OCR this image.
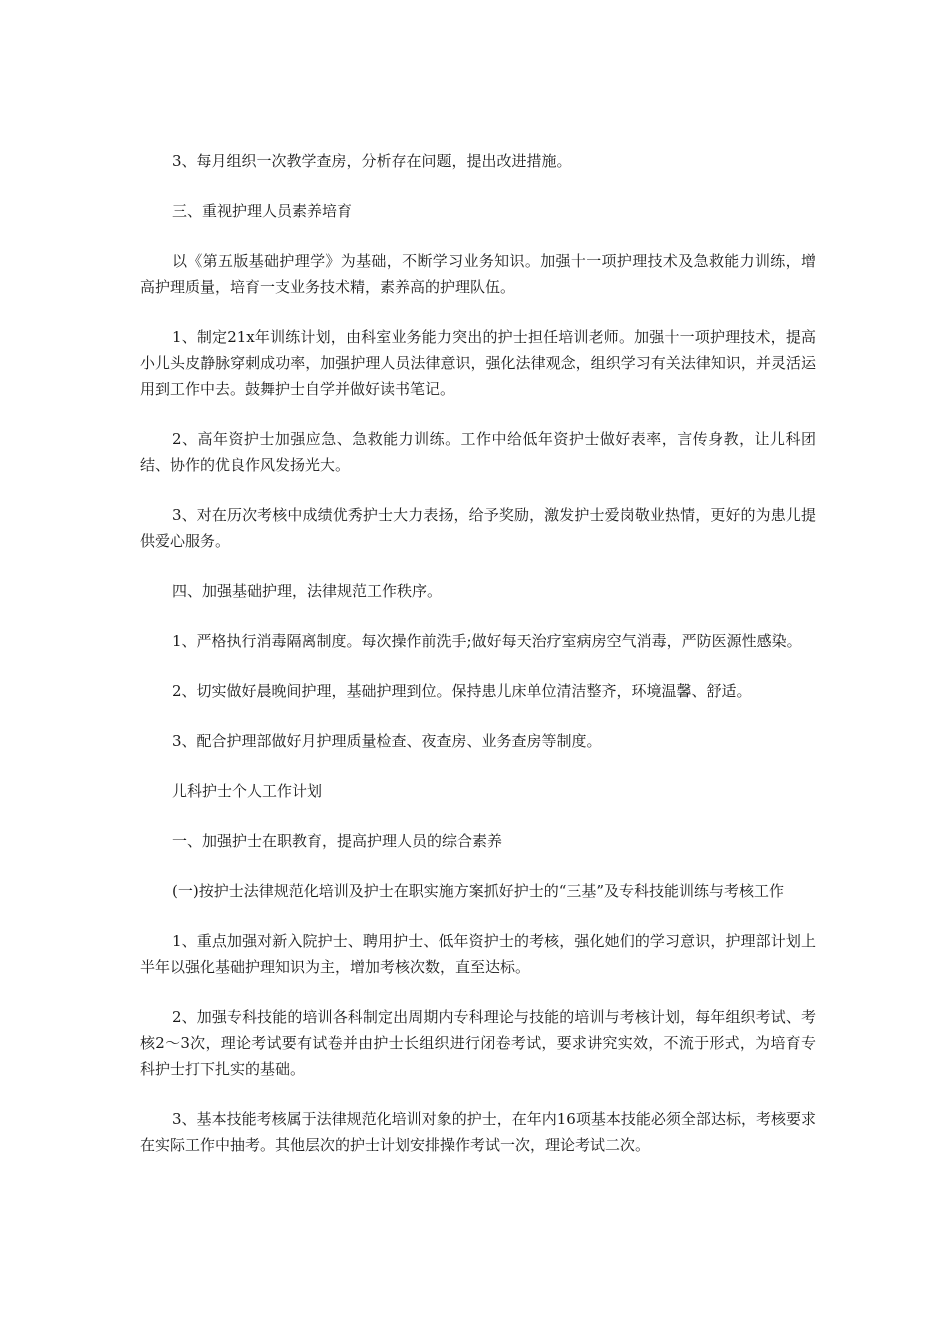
3、每月组织一次教学查房，分析存在问题，提出改进措施。

三、重视护理人员素养培育

以《第五版基础护理学》为基础，不断学习业务知识。加强十一项护理技术及急救能力训练，增高护理质量，培育一支业务技术精，素养高的护理队伍。

1、制定21x年训练计划，由科室业务能力突出的护士担任培训老师。加强十一项护理技术，提高小儿头皮静脉穿刺成功率，加强护理人员法律意识，强化法律观念，组织学习有关法律知识，并灵活运用到工作中去。鼓舞护士自学并做好读书笔记。

2、高年资护士加强应急、急救能力训练。工作中给低年资护士做好表率，言传身教，让儿科团结、协作的优良作风发扬光大。

3、对在历次考核中成绩优秀护士大力表扬，给予奖励，激发护士爱岗敬业热情，更好的为患儿提供爱心服务。

四、加强基础护理，法律规范工作秩序。

1、严格执行消毒隔离制度。每次操作前洗手;做好每天治疗室病房空气消毒，严防医源性感染。

2、切实做好晨晚间护理，基础护理到位。保持患儿床单位清洁整齐，环境温馨、舒适。

3、配合护理部做好月护理质量检查、夜查房、业务查房等制度。

儿科护士个人工作计划

一、加强护士在职教育，提高护理人员的综合素养

(一)按护士法律规范化培训及护士在职实施方案抓好护士的“三基”及专科技能训练与考核工作

1、重点加强对新入院护士、聘用护士、低年资护士的考核，强化她们的学习意识，护理部计划上半年以强化基础护理知识为主，增加考核次数，直至达标。

2、加强专科技能的培训各科制定出周期内专科理论与技能的培训与考核计划，每年组织考试、考核2～3次，理论考试要有试卷并由护士长组织进行闭卷考试，要求讲究实效，不流于形式，为培育专科护士打下扎实的基础。

3、基本技能考核属于法律规范化培训对象的护士，在年内16项基本技能必须全部达标，考核要求在实际工作中抽考。其他层次的护士计划安排操作考试一次，理论考试二次。
